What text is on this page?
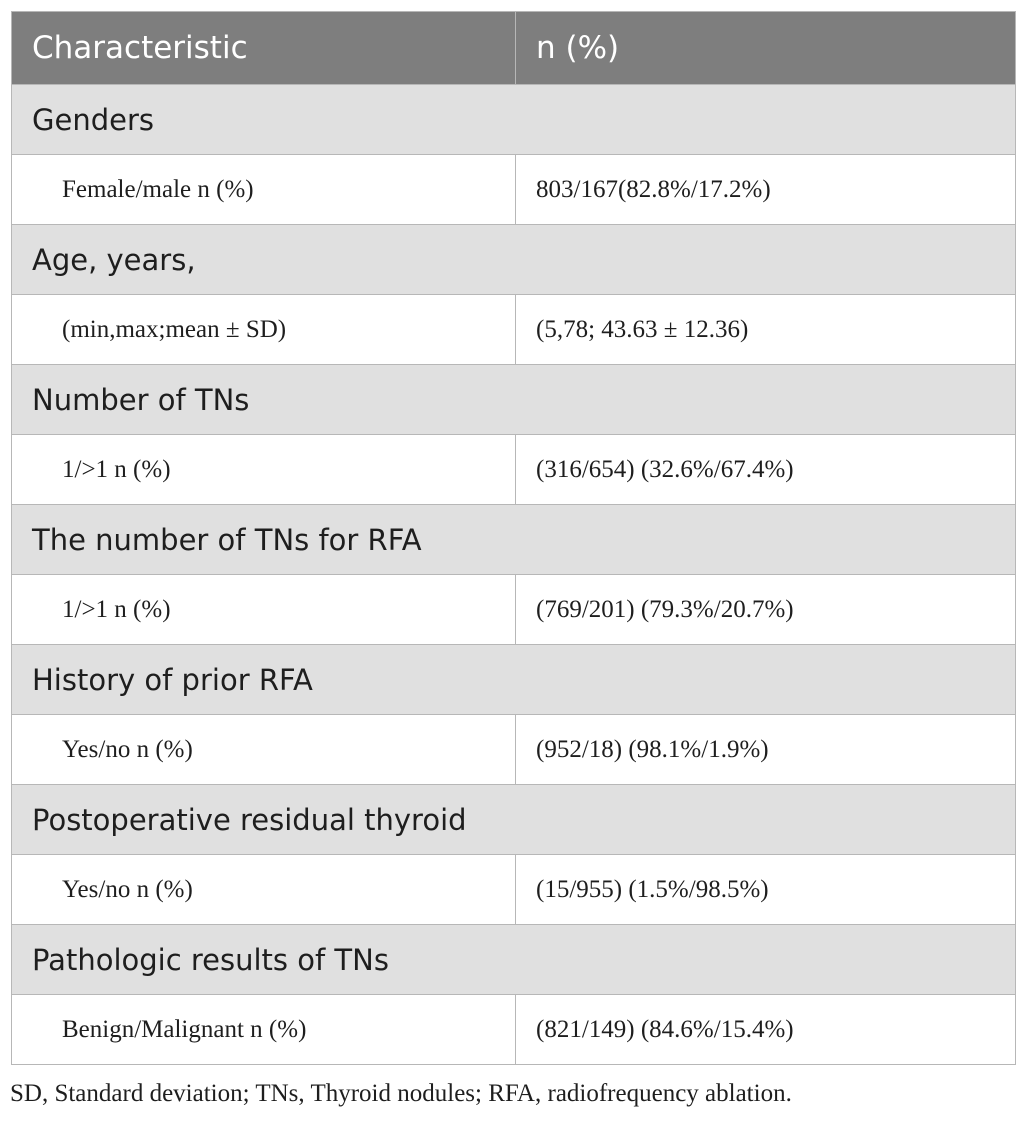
Characteristic	n (%)
Genders	
Female/male n (%)	803/167(82.8%/17.2%)
Age, years,	
(min,max;mean ± SD)	(5,78; 43.63 ± 12.36)
Number of TNs	
1/>1 n (%)	(316/654) (32.6%/67.4%)
The number of TNs for RFA	
1/>1 n (%)	(769/201) (79.3%/20.7%)
History of prior RFA	
Yes/no n (%)	(952/18) (98.1%/1.9%)
Postoperative residual thyroid	
Yes/no n (%)	(15/955) (1.5%/98.5%)
Pathologic results of TNs	
Benign/Malignant n (%)	(821/149) (84.6%/15.4%)
SD, Standard deviation; TNs, Thyroid nodules; RFA, radiofrequency ablation.
